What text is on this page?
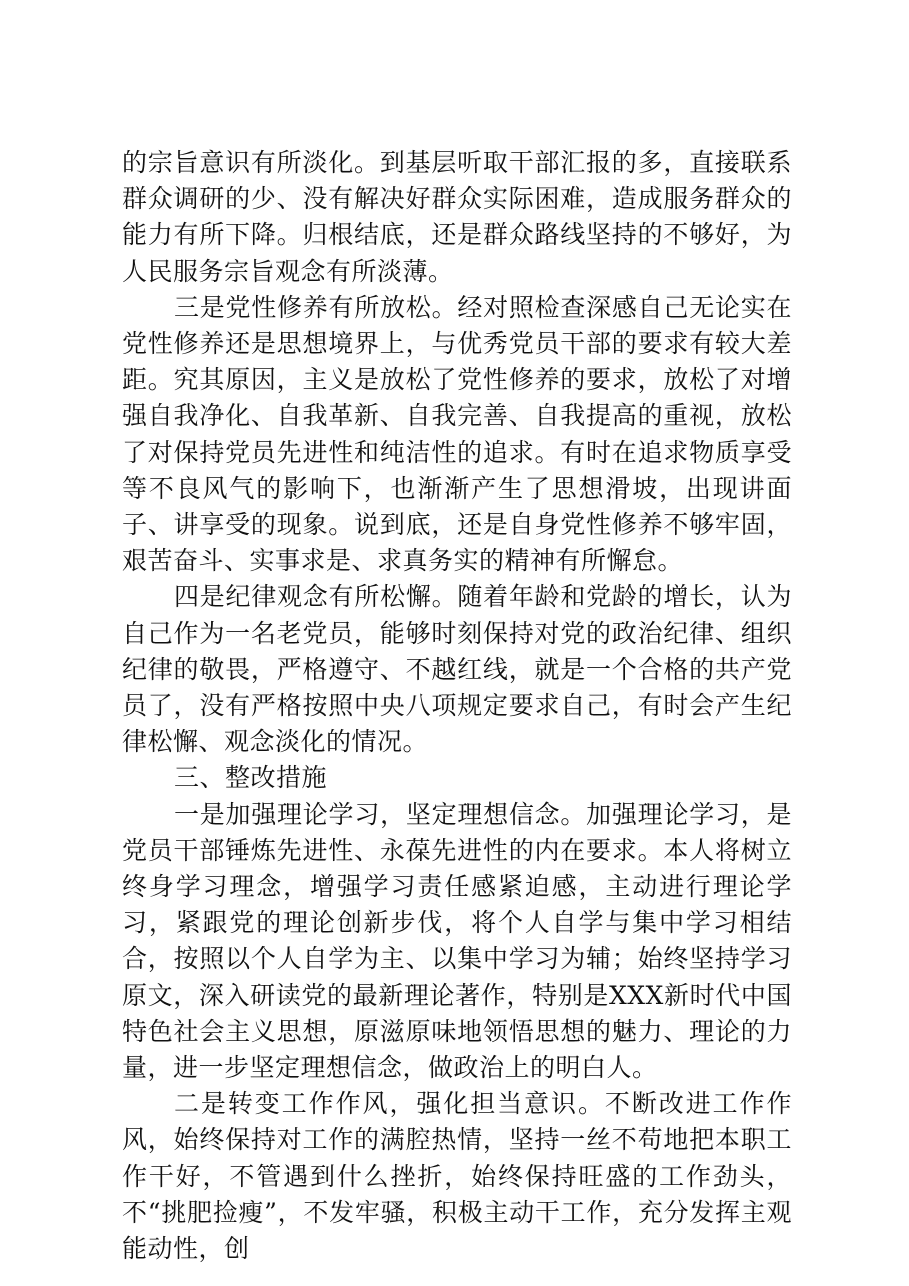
的宗旨意识有所淡化。到基层听取干部汇报的多，直接联系群众调研的少、没有解决好群众实际困难，造成服务群众的能力有所下降。归根结底，还是群众路线坚持的不够好，为人民服务宗旨观念有所淡薄。

三是党性修养有所放松。经对照检查深感自己无论实在党性修养还是思想境界上，与优秀党员干部的要求有较大差距。究其原因，主义是放松了党性修养的要求，放松了对增强自我净化、自我革新、自我完善、自我提高的重视，放松了对保持党员先进性和纯洁性的追求。有时在追求物质享受等不良风气的影响下，也渐渐产生了思想滑坡，出现讲面子、讲享受的现象。说到底，还是自身党性修养不够牢固，艰苦奋斗、实事求是、求真务实的精神有所懈怠。

四是纪律观念有所松懈。随着年龄和党龄的增长，认为自己作为一名老党员，能够时刻保持对党的政治纪律、组织纪律的敬畏，严格遵守、不越红线，就是一个合格的共产党员了，没有严格按照中央八项规定要求自己，有时会产生纪律松懈、观念淡化的情况。

三、整改措施

一是加强理论学习，坚定理想信念。加强理论学习，是党员干部锤炼先进性、永葆先进性的内在要求。本人将树立终身学习理念，增强学习责任感紧迫感，主动进行理论学习，紧跟党的理论创新步伐，将个人自学与集中学习相结合，按照以个人自学为主、以集中学习为辅；始终坚持学习原文，深入研读党的最新理论著作，特别是XXX新时代中国特色社会主义思想，原滋原味地领悟思想的魅力、理论的力量，进一步坚定理想信念，做政治上的明白人。

二是转变工作作风，强化担当意识。不断改进工作作风，始终保持对工作的满腔热情，坚持一丝不苟地把本职工作干好，不管遇到什么挫折，始终保持旺盛的工作劲头，不“挑肥捡瘦”，不发牢骚，积极主动干工作，充分发挥主观能动性，创
